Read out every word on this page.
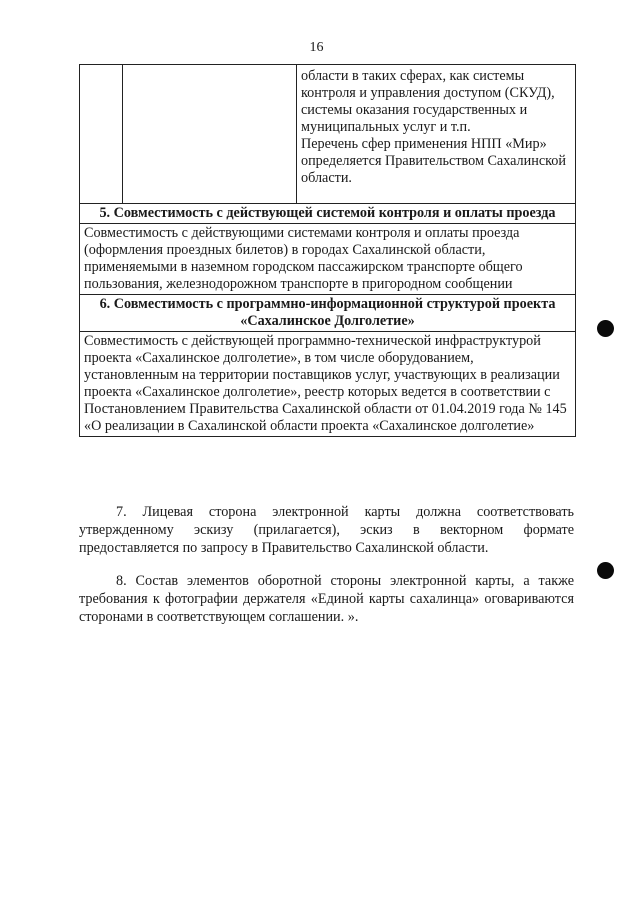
16

области в таких сферах, как системы контроля и управления доступом (СКУД), системы оказания государственных и муниципальных услуг и т.п.

Перечень сфер применения НПП «Мир» определяется Правительством Сахалинской области.

5. Совместимость с действующей системой контроля и оплаты проезда
Совместимость с действующими системами контроля и оплаты проезда (оформления проездных билетов) в городах Сахалинской области, применяемыми в наземном городском пассажирском транспорте общего пользования, железнодорожном транспорте в пригородном сообщении
6. Совместимость с программно-информационной структурой проекта
«Сахалинское Долголетие»
Совместимость с действующей программно-технической инфраструктурой проекта «Сахалинское долголетие», в том числе оборудованием, установленным на территории поставщиков услуг, участвующих в реализации проекта «Сахалинское долголетие», реестр которых ведется в соответствии с Постановлением Правительства Сахалинской области от 01.04.2019 года № 145 «О реализации в Сахалинской области проекта «Сахалинское долголетие»

7. Лицевая сторона электронной карты должна соответствовать утвержденному эскизу (прилагается), эскиз в векторном формате предоставляется по запросу в Правительство Сахалинской области.

8. Состав элементов оборотной стороны электронной карты, а также требования к фотографии держателя «Единой карты сахалинца» оговариваются сторонами в соответствующем соглашении. ».
